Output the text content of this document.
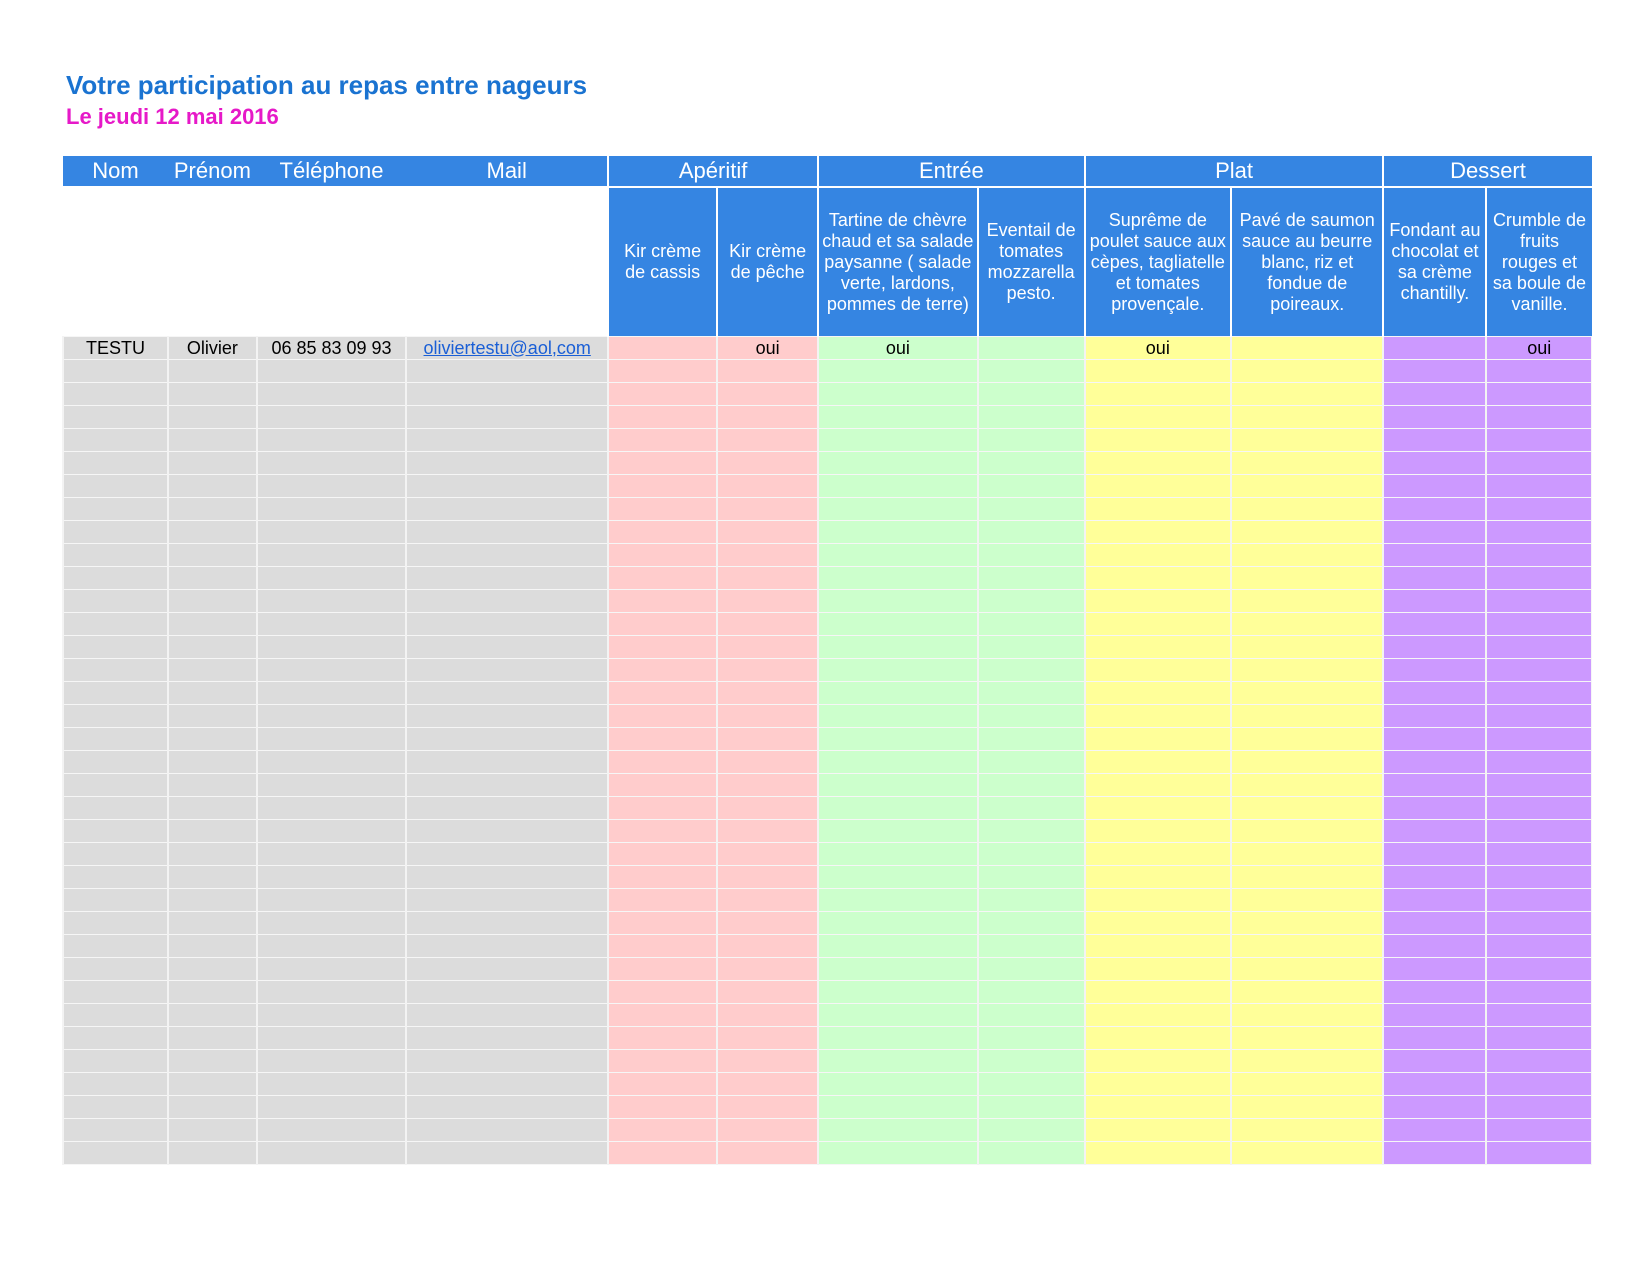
Votre participation au repas entre nageurs
Le jeudi 12 mai 2016
Nom	Prénom	Téléphone	Mail	Apéritif		Entrée		Plat		Dessert	
				Kir crème de cassis	Kir crème de pêche	Tartine de chèvre chaud et sa salade paysanne ( salade verte, lardons, pommes de terre)	Eventail de tomates mozzarella pesto.	Suprême de poulet sauce aux cèpes, tagliatelle et tomates provençale.	Pavé de saumon sauce au beurre blanc, riz et fondue de poireaux.	Fondant au chocolat et sa crème chantilly.	Crumble de fruits rouges et sa boule de vanille.
TESTU	Olivier	06 85 83 09 93	oliviertestu@aol,com		oui	oui		oui			oui
